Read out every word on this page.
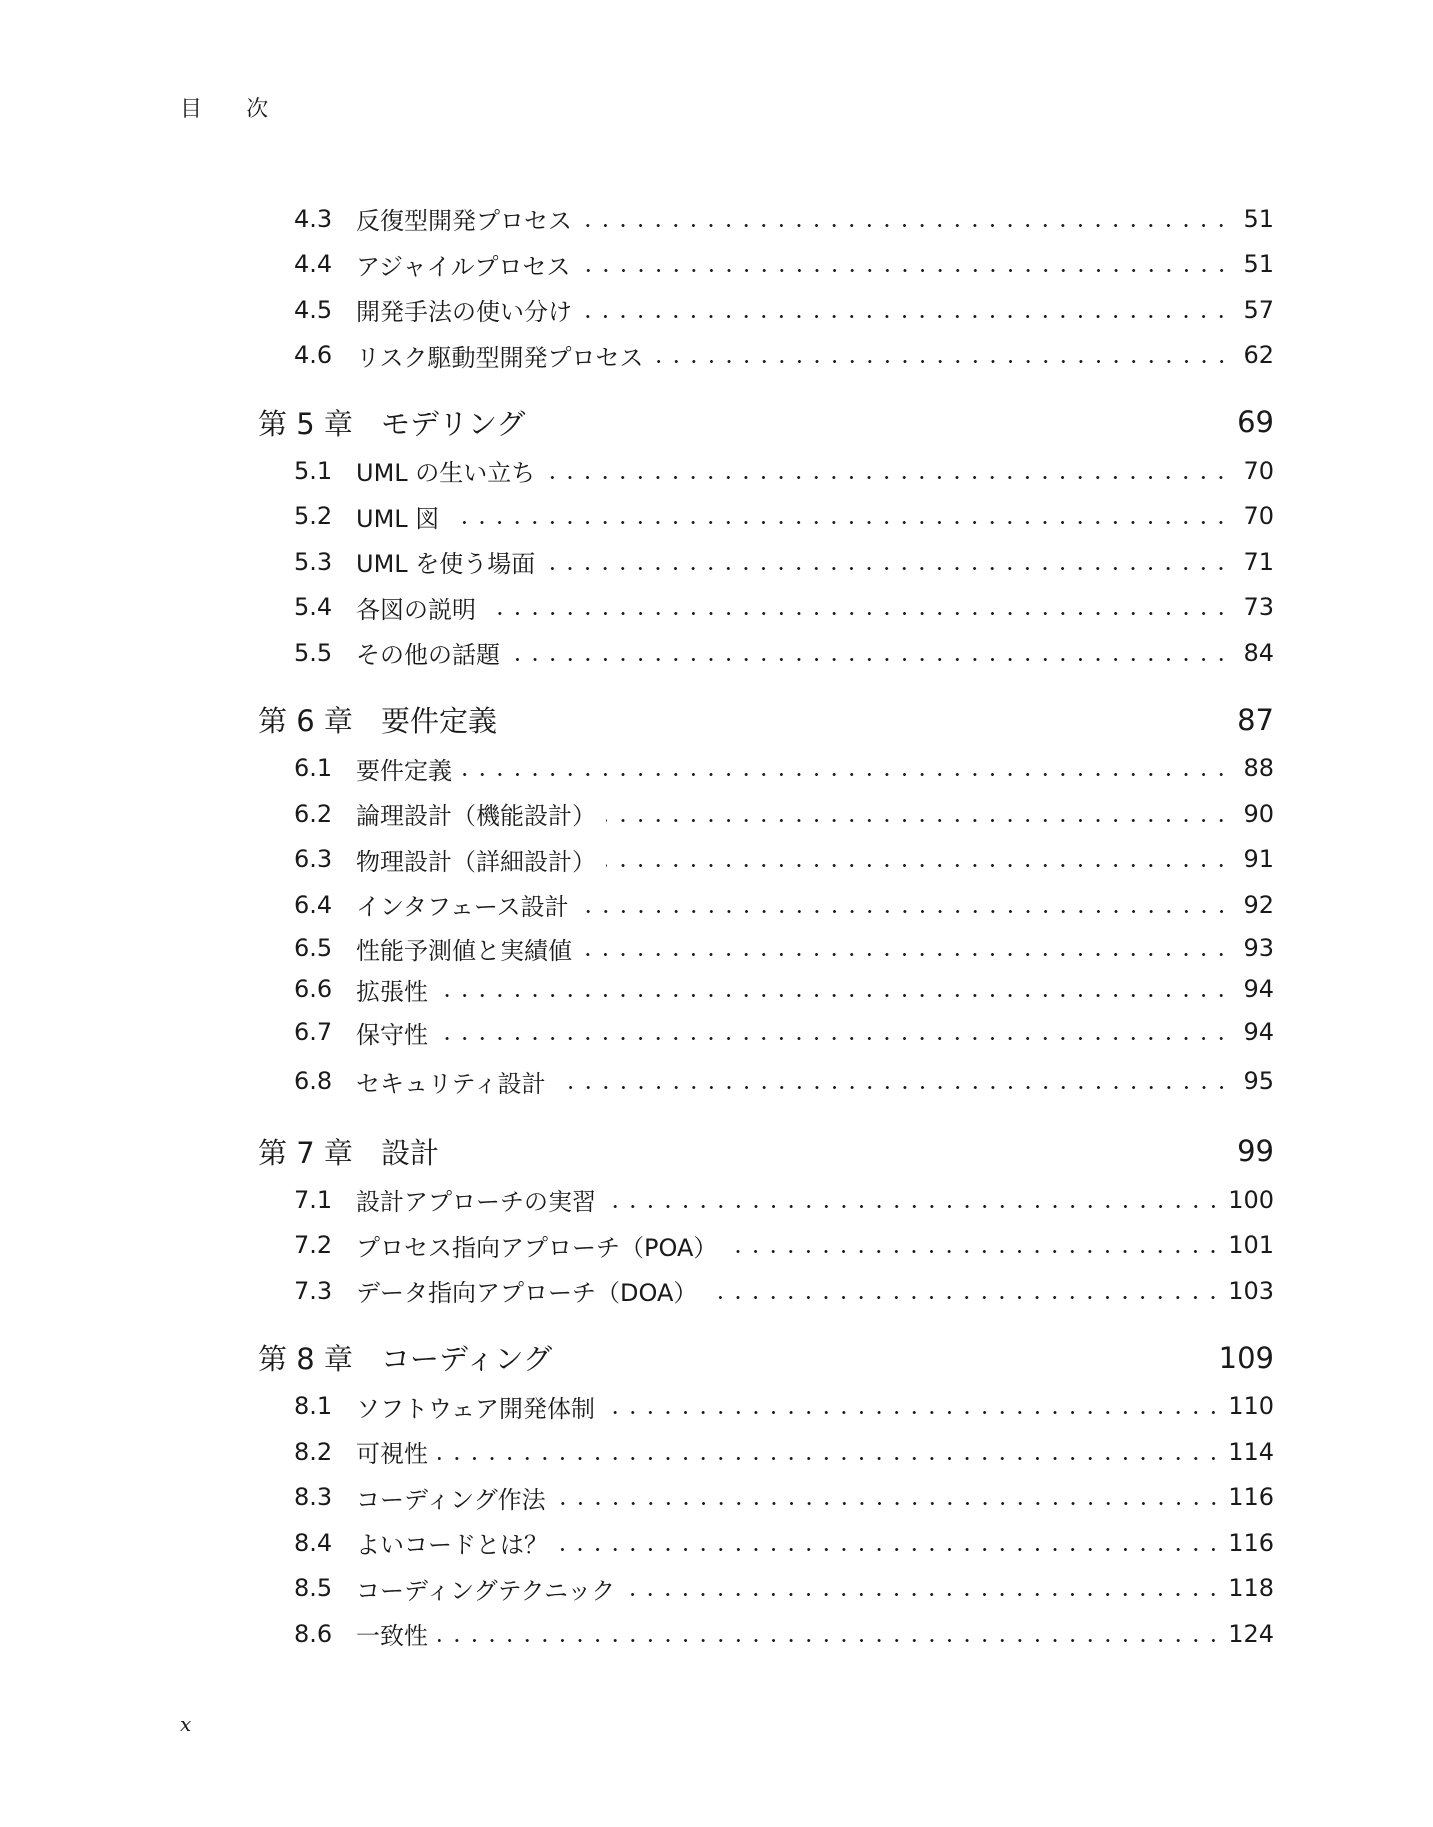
目 次
4.3 反復型開発プロセス	51
4.4 アジャイルプロセス	51
4.5 開発手法の使い分け	57
4.6 リスク駆動型開発プロセス	62
第 5 章 モデリング	69
5.1 UML の生い立ち	70
5.2 UML 図	70
5.3 UML を使う場面	71
5.4 各図の説明	73
5.5 その他の話題	84
第 6 章 要件定義	87
6.1 要件定義	88
6.2 論理設計（機能設計）	90
6.3 物理設計（詳細設計）	91
6.4 インタフェース設計	92
6.5 性能予測値と実績値	93
6.6 拡張性	94
6.7 保守性	94
6.8 セキュリティ設計	95
第 7 章 設計	99
7.1 設計アプローチの実習	100
7.2 プロセス指向アプローチ（POA）	101
7.3 データ指向アプローチ（DOA）	103
第 8 章 コーディング	109
8.1 ソフトウェア開発体制	110
8.2 可視性	114
8.3 コーディング作法	116
8.4 よいコードとは？	116
8.5 コーディングテクニック	118
8.6 一致性	124
x
